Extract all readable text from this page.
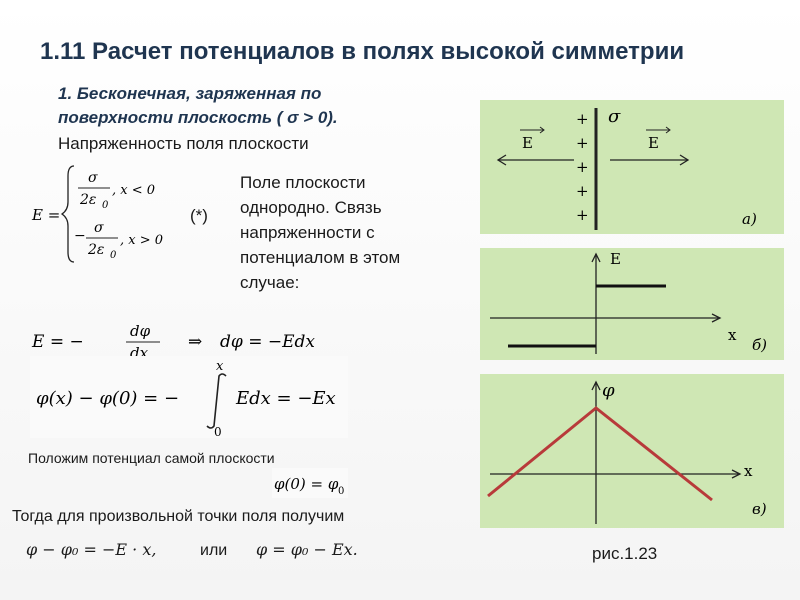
1.11 Расчет потенциалов в полях высокой симметрии
1. Бесконечная, заряженная по
поверхности плоскость ( σ > 0).
Напряженность поля плоскости
E =
σ
2ε 0
, x < 0
− σ
2ε 0
, x > 0
(*)
Поле плоскости однородно. Связь напряженности с потенциалом в этом случае:
E = −
dφ
dx
⇒ dφ = −Edx
φ(x) − φ(0) = −
x
0
Edx = −Ex
Положим потенциал самой плоскости
φ(0) = φ 0
Тогда для произвольной точки поля получим
φ − φ₀ = −E · x,	или φ = φ₀ − Ex.
+
+
+
+
+
σ
E	E
а)
E
x
б)
φ
x
в)
рис.1.23
